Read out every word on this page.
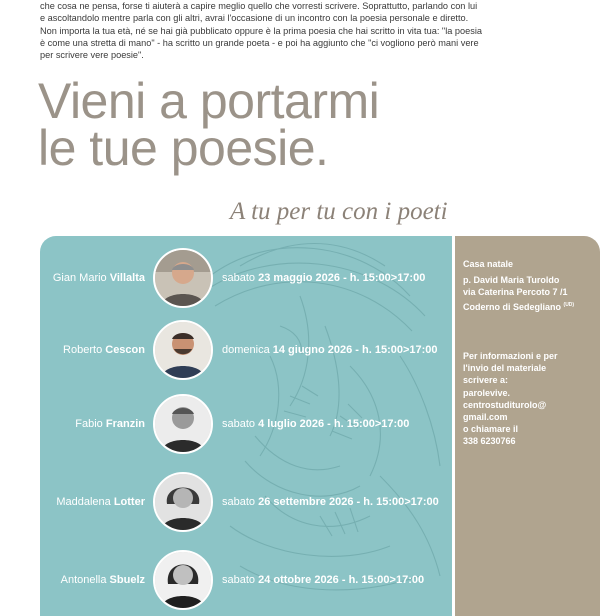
che cosa ne pensa, forse ti aiuterà a capire meglio quello che vorresti scrivere. Soprattutto, parlando con lui
e ascoltandolo mentre parla con gli altri, avrai l'occasione di un incontro con la poesia personale e diretto.
Non importa la tua età, né se hai già pubblicato oppure è la prima poesia che hai scritto in vita tua: "la poesia
è come una stretta di mano" - ha scritto un grande poeta - e poi ha aggiunto che "ci vogliono però mani vere
per scrivere vere poesie".
Vieni a portarmi
le tue poesie.
A tu per tu con i poeti
Casa natale
p. David Maria Turoldo
via Caterina Percoto 7 /1
Coderno di Sedegliano $^{(UD)}$
Per informazioni e per
l'invio del materiale
scrivere a:
parolevive.
centrostuditurolo@
gmail.com
o chiamare il
338 6230766
Gian Mario Villalta	sabato 23 maggio 2026 - h. 15:00>17:00
Roberto Cescon	domenica 14 giugno 2026 - h. 15:00>17:00
Fabio Franzin	sabato 4 luglio 2026 - h. 15:00>17:00
Maddalena Lotter	sabato 26 settembre 2026 - h. 15:00>17:00
Antonella Sbuelz	sabato 24 ottobre 2026 - h. 15:00>17:00
